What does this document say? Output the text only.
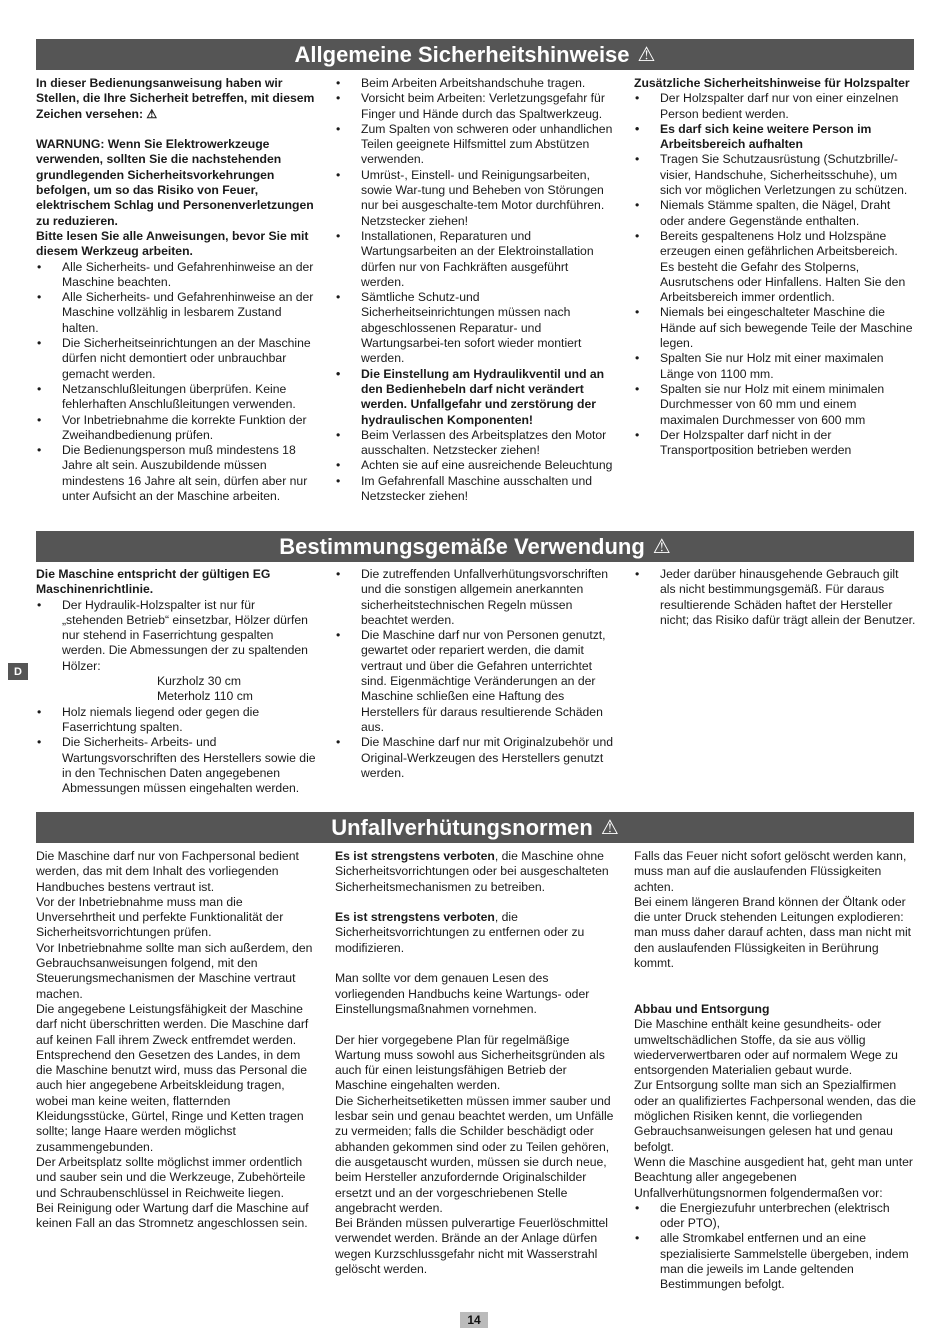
Allgemeine Sicherheitshinweise ⚠

In dieser Bedienungsanweisung haben wir Stellen, die Ihre Sicherheit betreffen, mit diesem Zeichen versehen: ⚠

WARNUNG: Wenn Sie Elektrowerkzeuge verwenden, sollten Sie die nachstehenden grundlegenden Sicherheitsvorkehrungen befolgen, um so das Risiko von Feuer, elektrischem Schlag und Personenverletzungen zu reduzieren.

Bitte lesen Sie alle Anweisungen, bevor Sie mit diesem Werkzeug arbeiten.

• Alle Sicherheits- und Gefahrenhinweise an der Maschine beachten.
• Alle Sicherheits- und Gefahrenhinweise an der Maschine vollzählig in lesbarem Zustand halten.
• Die Sicherheitseinrichtungen an der Maschine dürfen nicht demontiert oder unbrauchbar gemacht werden.
• Netzanschlußleitungen überprüfen. Keine fehlerhaften Anschlußleitungen verwenden.
• Vor Inbetriebnahme die korrekte Funktion der Zweihandbedienung prüfen.
• Die Bedienungsperson muß mindestens 18 Jahre alt sein. Auszubildende müssen mindestens 16 Jahre alt sein, dürfen aber nur unter Aufsicht an der Maschine arbeiten.
• Beim Arbeiten Arbeitshandschuhe tragen.
• Vorsicht beim Arbeiten: Verletzungsgefahr für Finger und Hände durch das Spaltwerkzeug.
• Zum Spalten von schweren oder unhandlichen Teilen geeignete Hilfsmittel zum Abstützen verwenden.
• Umrüst-, Einstell- und Reinigungsarbeiten, sowie War-tung und Beheben von Störungen nur bei ausgeschalte-tem Motor durchführen. Netzstecker ziehen!
• Installationen, Reparaturen und Wartungsarbeiten an der Elektroinstallation dürfen nur von Fachkräften ausgeführt werden.
• Sämtliche Schutz-und Sicherheitseinrichtungen müssen nach abgeschlossenen Reparatur- und Wartungsarbei-ten sofort wieder montiert werden.
• Die Einstellung am Hydraulikventil und an den Bedienhebeln darf nicht verändert werden. Unfallgefahr und zerstörung der hydraulischen Komponenten!
• Beim Verlassen des Arbeitsplatzes den Motor ausschalten. Netzstecker ziehen!
• Achten sie auf eine ausreichende Beleuchtung
• Im Gefahrenfall Maschine ausschalten und Netzstecker ziehen!

Zusätzliche Sicherheitshinweise für Holzspalter

• Der Holzspalter darf nur von einer einzelnen Person bedient werden.
• Es darf sich keine weitere Person im Arbeitsbereich aufhalten
• Tragen Sie Schutzausrüstung (Schutzbrille/-visier, Handschuhe, Sicherheitsschuhe), um sich vor möglichen Verletzungen zu schützen.
• Niemals Stämme spalten, die Nägel, Draht oder andere Gegenstände enthalten.
• Bereits gespaltenens Holz und Holzspäne erzeugen einen gefährlichen Arbeitsbereich. Es besteht die Gefahr des Stolperns, Ausrutschens oder Hinfallens. Halten Sie den Arbeitsbereich immer ordentlich.
• Niemals bei eingeschalteter Maschine die Hände auf sich bewegende Teile der Maschine legen.
• Spalten Sie nur Holz mit einer maximalen Länge von 1100 mm.
• Spalten sie nur Holz mit einem minimalen Durchmesser von 60 mm und einem maximalen Durchmesser von 600 mm
• Der Holzspalter darf nicht in der Transportposition betrieben werden
Bestimmungsgemäße Verwendung ⚠
D

Die Maschine entspricht der gültigen EG Maschinenrichtlinie.

• Der Hydraulik-Holzspalter ist nur für „stehenden Betrieb“ einsetzbar, Hölzer dürfen nur stehend in Faserrichtung gespalten werden. Die Abmessungen der zu spaltenden Hölzer:
Kurzholz 30 cm
Meterholz 110 cm
• Holz niemals liegend oder gegen die Faserrichtung spalten.
• Die Sicherheits- Arbeits- und Wartungsvorschriften des Herstellers sowie die in den Technischen Daten angegebenen Abmessungen müssen eingehalten werden.
• Die zutreffenden Unfallverhütungsvorschriften und die sonstigen allgemein anerkannten sicherheitstechnischen Regeln müssen beachtet werden.
• Die Maschine darf nur von Personen genutzt, gewartet oder repariert werden, die damit vertraut und über die Gefahren unterrichtet sind. Eigenmächtige Veränderungen an der Maschine schließen eine Haftung des Herstellers für daraus resultierende Schäden aus.
• Die Maschine darf nur mit Originalzubehör und Original-Werkzeugen des Herstellers genutzt werden.
• Jeder darüber hinausgehende Gebrauch gilt als nicht bestimmungsgemäß. Für daraus resultierende Schäden haftet der Hersteller nicht; das Risiko dafür trägt allein der Benutzer.
Unfallverhütungsnormen ⚠

Die Maschine darf nur von Fachpersonal bedient werden, das mit dem Inhalt des vorliegenden Handbuches bestens vertraut ist.

Vor der Inbetriebnahme muss man die Unversehrtheit und perfekte Funktionalität der Sicherheitsvorrichtungen prüfen.

Vor Inbetriebnahme sollte man sich außerdem, den Gebrauchsanweisungen folgend, mit den Steuerungsmechanismen der Maschine vertraut machen.

Die angegebene Leistungsfähigkeit der Maschine darf nicht überschritten werden. Die Maschine darf auf keinen Fall ihrem Zweck entfremdet werden.

Entsprechend den Gesetzen des Landes, in dem die Maschine benutzt wird, muss das Personal die auch hier angegebene Arbeitskleidung tragen, wobei man keine weiten, flatternden Kleidungsstücke, Gürtel, Ringe und Ketten tragen sollte; lange Haare werden möglichst zusammengebunden.

Der Arbeitsplatz sollte möglichst immer ordentlich und sauber sein und die Werkzeuge, Zubehörteile und Schraubenschlüssel in Reichweite liegen.

Bei Reinigung oder Wartung darf die Maschine auf keinen Fall an das Stromnetz angeschlossen sein.

Es ist strengstens verboten, die Maschine ohne Sicherheitsvorrichtungen oder bei ausgeschalteten Sicherheitsmechanismen zu betreiben.

Es ist strengstens verboten, die Sicherheitsvorrichtungen zu entfernen oder zu modifizieren.

Man sollte vor dem genauen Lesen des vorliegenden Handbuchs keine Wartungs- oder Einstellungsmaßnahmen vornehmen.

Der hier vorgegebene Plan für regelmäßige Wartung muss sowohl aus Sicherheitsgründen als auch für einen leistungsfähigen Betrieb der Maschine eingehalten werden.

Die Sicherheitsetiketten müssen immer sauber und lesbar sein und genau beachtet werden, um Unfälle zu vermeiden; falls die Schilder beschädigt oder abhanden gekommen sind oder zu Teilen gehören, die ausgetauscht wurden, müssen sie durch neue, beim Hersteller anzufordernde Originalschilder ersetzt und an der vorgeschriebenen Stelle angebracht werden.

Bei Bränden müssen pulverartige Feuerlöschmittel verwendet werden. Brände an der Anlage dürfen wegen Kurzschlussgefahr nicht mit Wasserstrahl gelöscht werden.

Falls das Feuer nicht sofort gelöscht werden kann, muss man auf die auslaufenden Flüssigkeiten achten.

Bei einem längeren Brand können der Öltank oder die unter Druck stehenden Leitungen explodieren: man muss daher darauf achten, dass man nicht mit den auslaufenden Flüssigkeiten in Berührung kommt.

Abbau und Entsorgung

Die Maschine enthält keine gesundheits- oder umweltschädlichen Stoffe, da sie aus völlig wiederverwertbaren oder auf normalem Wege zu entsorgenden Materialien gebaut wurde.

Zur Entsorgung sollte man sich an Spezialfirmen oder an qualifiziertes Fachpersonal wenden, das die möglichen Risiken kennt, die vorliegenden Gebrauchsanweisungen gelesen hat und genau befolgt.

Wenn die Maschine ausgedient hat, geht man unter Beachtung aller angegebenen Unfallverhütungsnormen folgendermaßen vor:

• die Energiezufuhr unterbrechen (elektrisch oder PTO),
• alle Stromkabel entfernen und an eine spezialisierte Sammelstelle übergeben, indem man die jeweils im Lande geltenden Bestimmungen befolgt.
14
